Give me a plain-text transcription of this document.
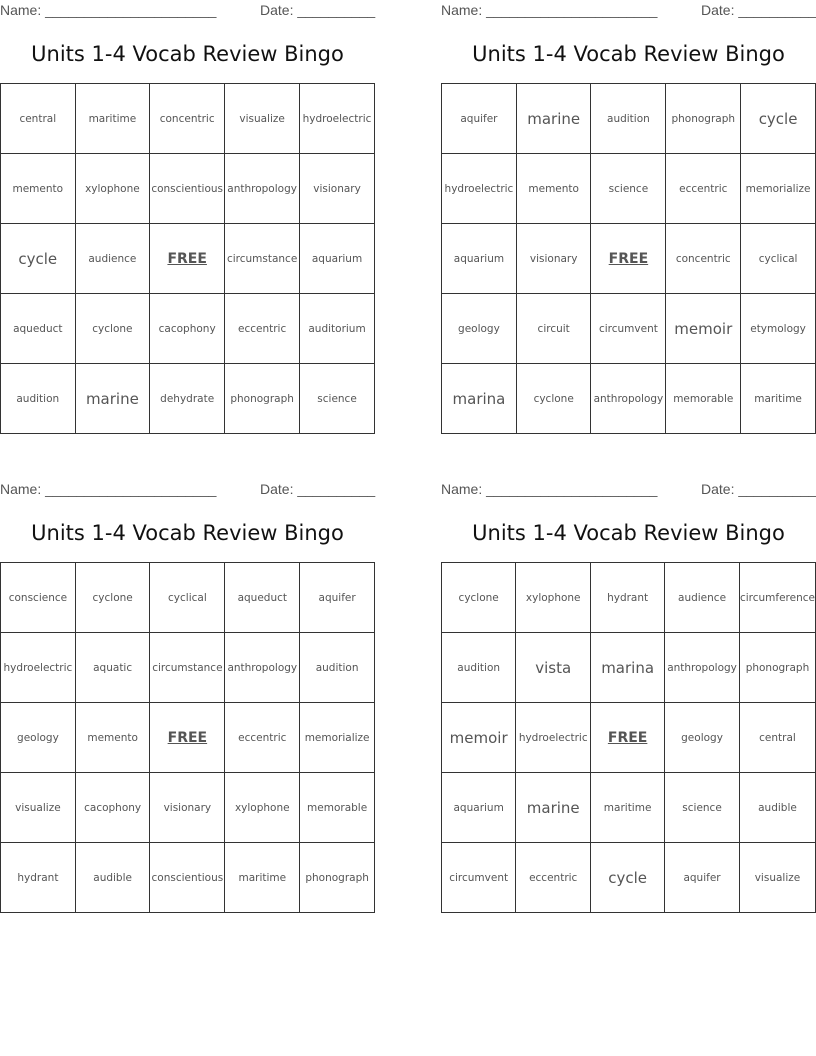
Name: ______________________	Date: __________
Units 1-4 Vocab Review Bingo
central	maritime	concentric	visualize	hydroelectric
memento	xylophone	conscientious	anthropology	visionary
cycle	audience	FREE	circumstance	aquarium
aqueduct	cyclone	cacophony	eccentric	auditorium
audition	marine	dehydrate	phonograph	science
Name: ______________________	Date: __________
Units 1-4 Vocab Review Bingo
aquifer	marine	audition	phonograph	cycle
hydroelectric	memento	science	eccentric	memorialize
aquarium	visionary	FREE	concentric	cyclical
geology	circuit	circumvent	memoir	etymology
marina	cyclone	anthropology	memorable	maritime
Name: ______________________	Date: __________
Units 1-4 Vocab Review Bingo
conscience	cyclone	cyclical	aqueduct	aquifer
hydroelectric	aquatic	circumstance	anthropology	audition
geology	memento	FREE	eccentric	memorialize
visualize	cacophony	visionary	xylophone	memorable
hydrant	audible	conscientious	maritime	phonograph
Name: ______________________	Date: __________
Units 1-4 Vocab Review Bingo
cyclone	xylophone	hydrant	audience	circumference
audition	vista	marina	anthropology	phonograph
memoir	hydroelectric	FREE	geology	central
aquarium	marine	maritime	science	audible
circumvent	eccentric	cycle	aquifer	visualize
